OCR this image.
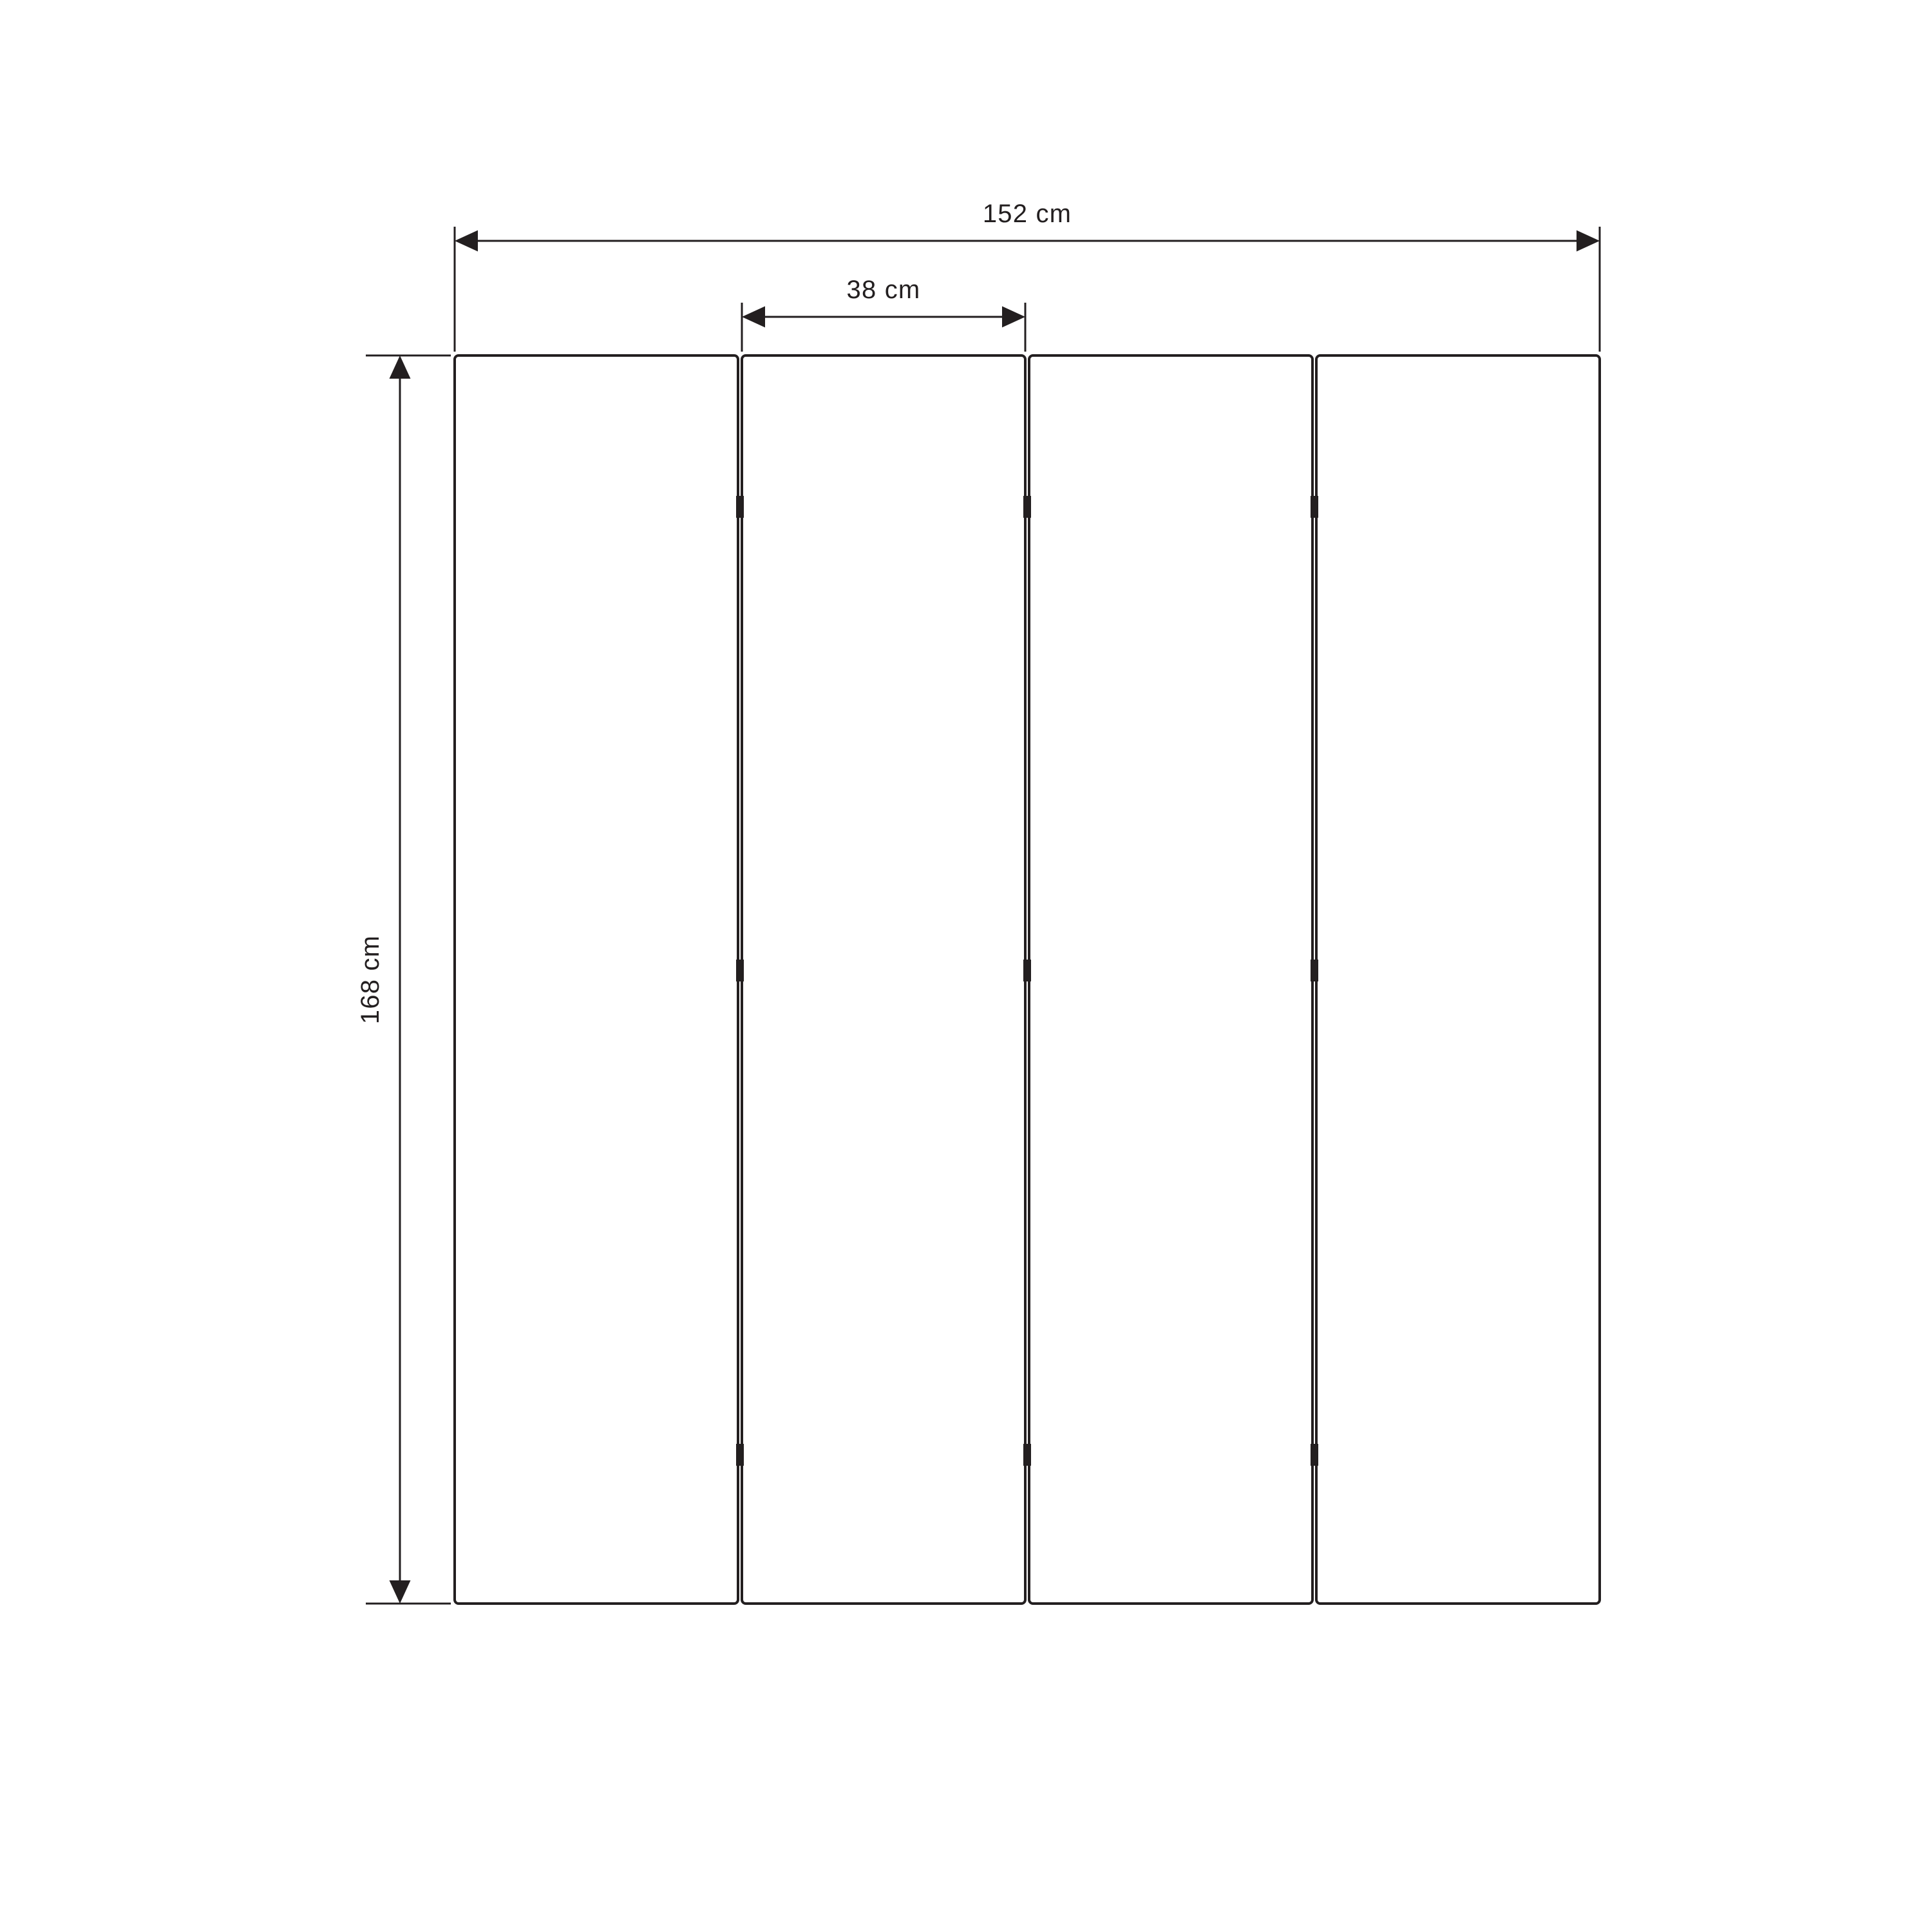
152 cm
38 cm
168 cm
